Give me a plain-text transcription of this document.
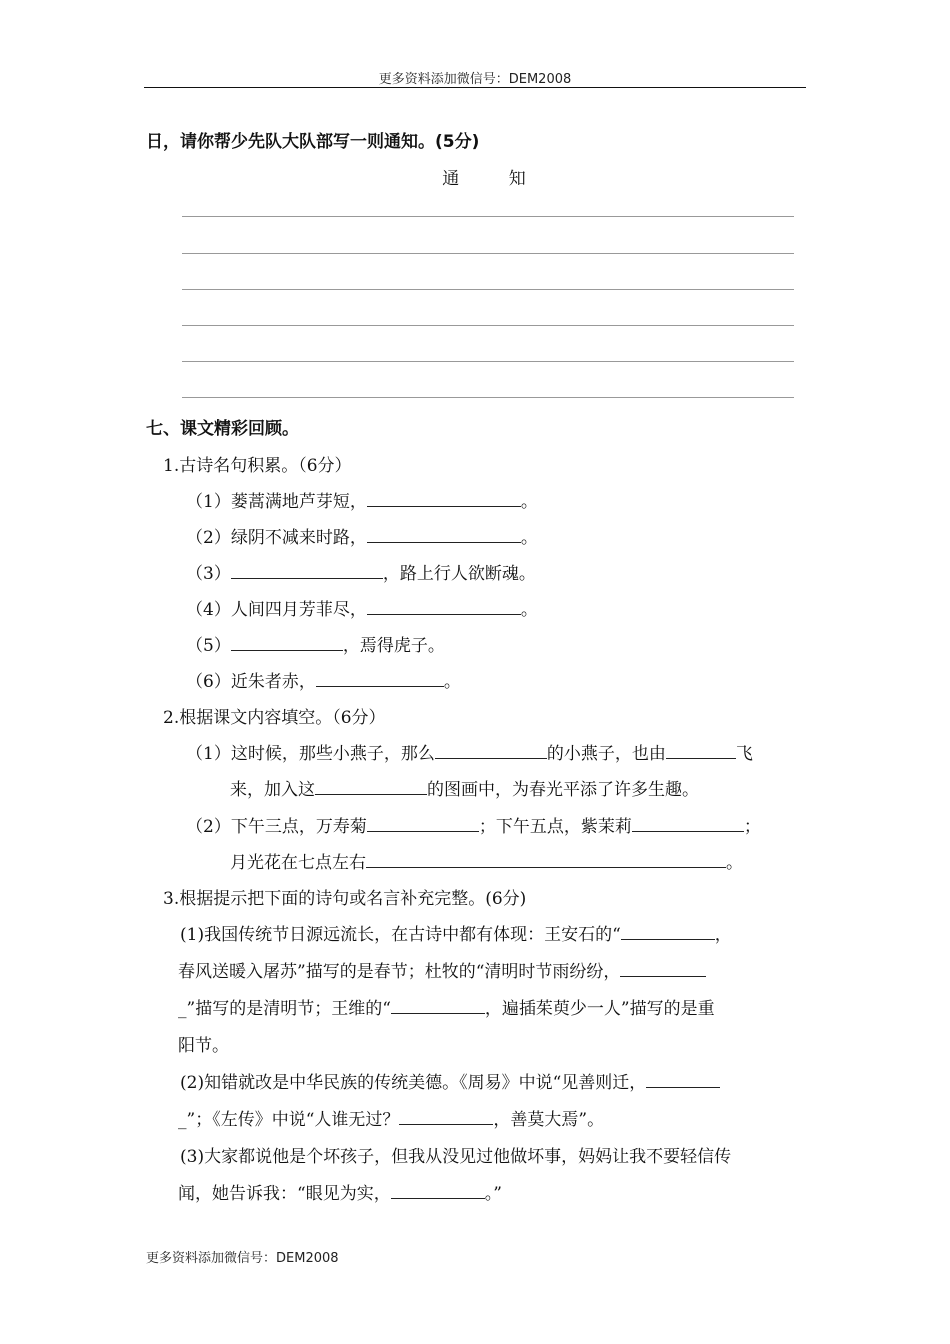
更多资料添加微信号：DEM2008
日，请你帮少先队大队部写一则通知。(5分)
通 知
七、课文精彩回顾。
1.古诗名句积累。（6分）
（1）蒌蒿满地芦芽短，	。
（2）绿阴不减来时路，	。
（3）	，路上行人欲断魂。
（4）人间四月芳菲尽，	。
（5）	，焉得虎子。
（6）近朱者赤，	。
2.根据课文内容填空。（6分）
（1）这时候，那些小燕子，那么	的小燕子，也由	飞
来，加入这	的图画中，为春光平添了许多生趣。
（2）下午三点，万寿菊	；下午五点，紫茉莉	；
月光花在七点左右	。
3.根据提示把下面的诗句或名言补充完整。(6分)
(1)我国传统节日源远流长，在古诗中都有体现：王安石的“	，
春风送暖入屠苏”描写的是春节；杜牧的“清明时节雨纷纷，
_”描写的是清明节；王维的“	，遍插茱萸少一人”描写的是重
阳节。
(2)知错就改是中华民族的传统美德。《周易》中说“见善则迁，
_”；《左传》中说“人谁无过？	，善莫大焉”。
(3)大家都说他是个坏孩子，但我从没见过他做坏事，妈妈让我不要轻信传
闻，她告诉我：“眼见为实，	。”
更多资料添加微信号：DEM2008
